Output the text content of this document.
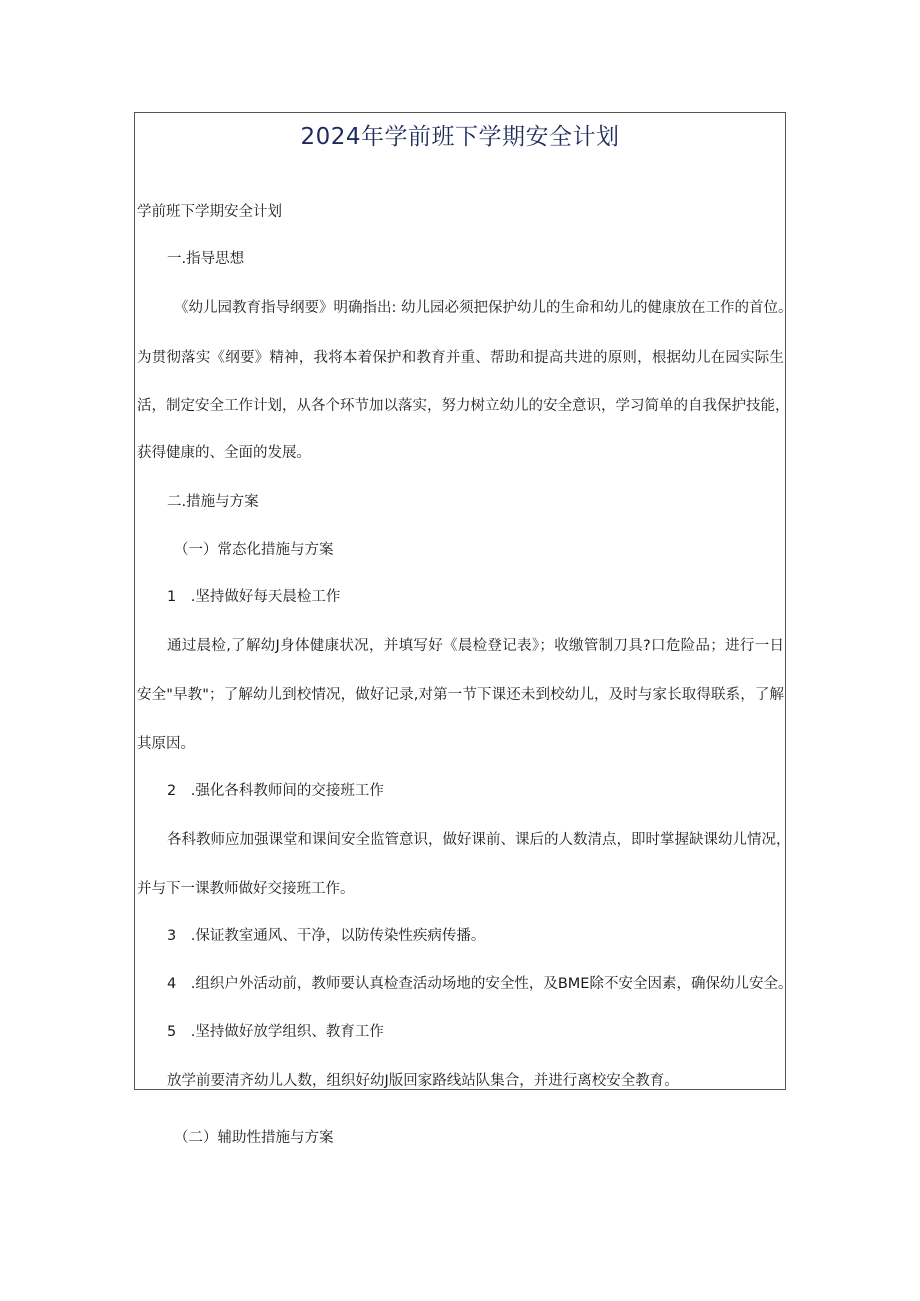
2024年学前班下学期安全计划
学前班下学期安全计划
一.指导思想
《幼儿园教育指导纲要》明确指出: 幼儿园必须把保护幼儿的生命和幼儿的健康放在工作的首位。
为贯彻落实《纲要》精神，我将本着保护和教育并重、帮助和提高共进的原则，根据幼儿在园实际生
活，制定安全工作计划，从各个环节加以落实，努力树立幼儿的安全意识，学习简单的自我保护技能，
获得健康的、全面的发展。
二.措施与方案
（一）常态化措施与方案
1　.坚持做好每天晨检工作
通过晨检,了解幼J身体健康状况，并填写好《晨检登记表》；收缴管制刀具?口危险品；进行一日
安全"早教"；了解幼儿到校情况，做好记录,对第一节下课还未到校幼儿，及时与家长取得联系，了解
其原因。
2　.强化各科教师间的交接班工作
各科教师应加强课堂和课间安全监管意识，做好课前、课后的人数清点，即时掌握缺课幼儿情况，
并与下一课教师做好交接班工作。
3　.保证教室通风、干净，以防传染性疾病传播。
4　.组织户外活动前，教师要认真检查活动场地的安全性，及BME除不安全因素，确保幼儿安全。
5　.坚持做好放学组织、教育工作
放学前要清齐幼儿人数，组织好幼J版回家路线站队集合，并进行离校安全教育。
（二）辅助性措施与方案
